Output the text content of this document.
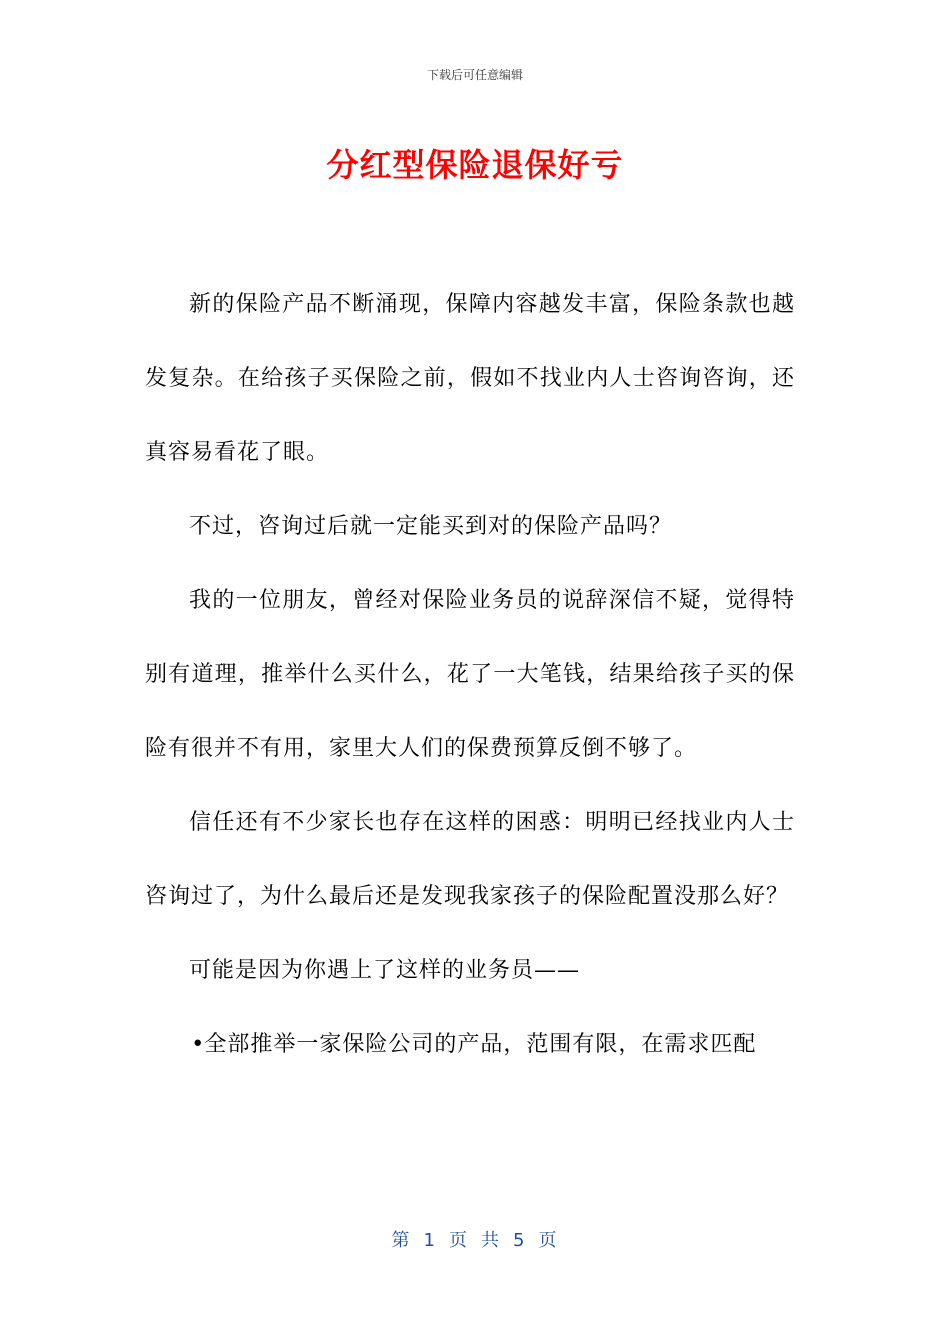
下载后可任意编辑
分红型保险退保好亏

新的保险产品不断涌现，保障内容越发丰富，保险条款也越发复杂。在给孩子买保险之前，假如不找业内人士咨询咨询，还真容易看花了眼。

不过，咨询过后就一定能买到对的保险产品吗？

我的一位朋友，曾经对保险业务员的说辞深信不疑，觉得特别有道理，推举什么买什么，花了一大笔钱，结果给孩子买的保险有很并不有用，家里大人们的保费预算反倒不够了。

信任还有不少家长也存在这样的困惑：明明已经找业内人士咨询过了，为什么最后还是发现我家孩子的保险配置没那么好？

可能是因为你遇上了这样的业务员——

•全部推举一家保险公司的产品，范围有限，在需求匹配

第 1 页 共 5 页
